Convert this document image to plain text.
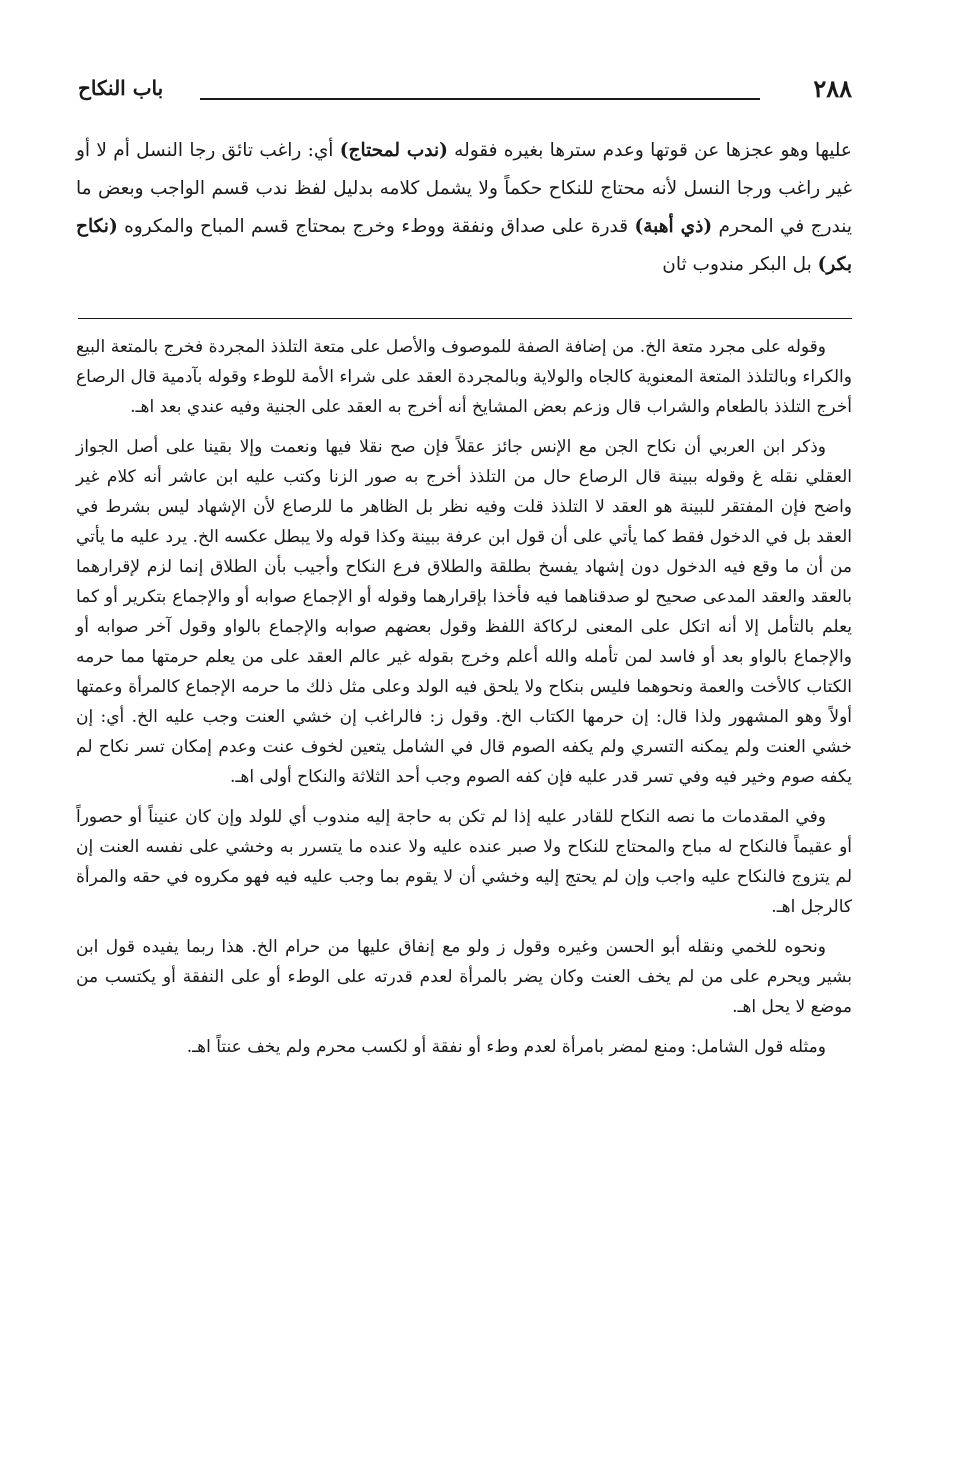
٢٨٨
باب النكاح

عليها وهو عجزها عن قوتها وعدم سترها بغيره فقوله (ندب لمحتاج) أي: راغب تائق رجا النسل أم لا أو غير راغب ورجا النسل لأنه محتاج للنكاح حكماً ولا يشمل كلامه بدليل لفظ ندب قسم الواجب وبعض ما يندرج في المحرم (ذي أهبة) قدرة على صداق ونفقة ووطء وخرج بمحتاج قسم المباح والمكروه (نكاح بكر) بل البكر مندوب ثان

وقوله على مجرد متعة الخ. من إضافة الصفة للموصوف والأصل على متعة التلذذ المجردة فخرج بالمتعة البيع والكراء وبالتلذذ المتعة المعنوية كالجاه والولاية وبالمجردة العقد على شراء الأمة للوطء وقوله بآدمية قال الرصاع أخرج التلذذ بالطعام والشراب قال وزعم بعض المشايخ أنه أخرج به العقد على الجنية وفيه عندي بعد اهـ.

وذكر ابن العربي أن نكاح الجن مع الإنس جائز عقلاً فإن صح نقلا فيها ونعمت وإلا بقينا على أصل الجواز العقلي نقله غ وقوله ببينة قال الرصاع حال من التلذذ أخرج به صور الزنا وكتب عليه ابن عاشر أنه كلام غير واضح فإن المفتقر للبينة هو العقد لا التلذذ قلت وفيه نظر بل الظاهر ما للرصاع لأن الإشهاد ليس بشرط في العقد بل في الدخول فقط كما يأتي على أن قول ابن عرفة ببينة وكذا قوله ولا يبطل عكسه الخ. يرد عليه ما يأتي من أن ما وقع فيه الدخول دون إشهاد يفسخ بطلقة والطلاق فرع النكاح وأجيب بأن الطلاق إنما لزم لإقرارهما بالعقد والعقد المدعى صحيح لو صدقناهما فيه فأخذا بإقرارهما وقوله أو الإجماع صوابه أو والإجماع بتكرير أو كما يعلم بالتأمل إلا أنه اتكل على المعنى لركاكة اللفظ وقول بعضهم صوابه والإجماع بالواو وقول آخر صوابه أو والإجماع بالواو بعد أو فاسد لمن تأمله والله أعلم وخرج بقوله غير عالم العقد على من يعلم حرمتها مما حرمه الكتاب كالأخت والعمة ونحوهما فليس بنكاح ولا يلحق فيه الولد وعلى مثل ذلك ما حرمه الإجماع كالمرأة وعمتها أولاً وهو المشهور ولذا قال: إن حرمها الكتاب الخ. وقول ز: فالراغب إن خشي العنت وجب عليه الخ. أي: إن خشي العنت ولم يمكنه التسري ولم يكفه الصوم قال في الشامل يتعين لخوف عنت وعدم إمكان تسر نكاح لم يكفه صوم وخير فيه وفي تسر قدر عليه فإن كفه الصوم وجب أحد الثلاثة والنكاح أولى اهـ.

وفي المقدمات ما نصه النكاح للقادر عليه إذا لم تكن به حاجة إليه مندوب أي للولد وإن كان عنيناً أو حصوراً أو عقيماً فالنكاح له مباح والمحتاج للنكاح ولا صبر عنده عليه ولا عنده ما يتسرر به وخشي على نفسه العنت إن لم يتزوج فالنكاح عليه واجب وإن لم يحتج إليه وخشي أن لا يقوم بما وجب عليه فيه فهو مكروه في حقه والمرأة كالرجل اهـ.

ونحوه للخمي ونقله أبو الحسن وغيره وقول ز ولو مع إنفاق عليها من حرام الخ. هذا ربما يفيده قول ابن بشير ويحرم على من لم يخف العنت وكان يضر بالمرأة لعدم قدرته على الوطء أو على النفقة أو يكتسب من موضع لا يحل اهـ.

ومثله قول الشامل: ومنع لمضر بامرأة لعدم وطء أو نفقة أو لكسب محرم ولم يخف عنتاً اهـ.
